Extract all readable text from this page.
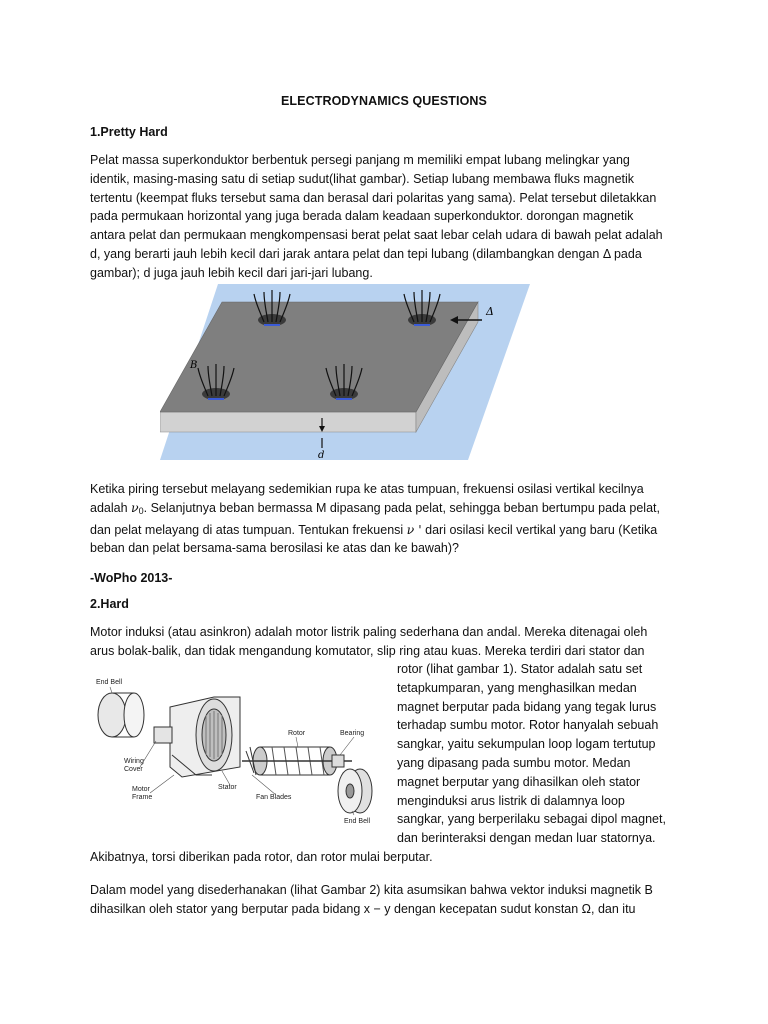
ELECTRODYNAMICS QUESTIONS
1.Pretty Hard

Pelat massa superkonduktor berbentuk persegi panjang m memiliki empat lubang melingkar yang

identik, masing-masing satu di setiap sudut(lihat gambar). Setiap lubang membawa fluks magnetik

tertentu (keempat fluks tersebut sama dan berasal dari polaritas yang sama). Pelat tersebut diletakkan

pada permukaan horizontal yang juga berada dalam keadaan superkonduktor. dorongan magnetik

antara pelat dan permukaan mengkompensasi berat pelat saat lebar celah udara di bawah pelat adalah

d, yang berarti jauh lebih kecil dari jarak antara pelat dan tepi lubang (dilambangkan dengan Δ pada

gambar); d juga jauh lebih kecil dari jari-jari lubang.

Δ
B
d

Ketika piring tersebut melayang sedemikian rupa ke atas tumpuan, frekuensi osilasi vertikal kecilnya

adalah $\nu_0$. Selanjutnya beban bermassa M dipasang pada pelat, sehingga beban bertumpu pada pelat,

dan pelat melayang di atas tumpuan. Tentukan frekuensi ν ' dari osilasi kecil vertikal yang baru (Ketika

beban dan pelat bersama-sama berosilasi ke atas dan ke bawah)?

-WoPho 2013-
2.Hard

Motor induksi (atau asinkron) adalah motor listrik paling sederhana dan andal. Mereka ditenagai oleh

arus bolak-balik, dan tidak mengandung komutator, slip ring atau kuas. Mereka terdiri dari stator dan

End Bell
Rotor	Bearing
Wiring
Cover
Motor
Frame
Stator
Fan Blades
End Bell

rotor (lihat gambar 1). Stator adalah satu set

tetapkumparan, yang menghasilkan medan

magnet berputar pada bidang yang tegak lurus

terhadap sumbu motor. Rotor hanyalah sebuah

sangkar, yaitu sekumpulan loop logam tertutup

yang dipasang pada sumbu motor. Medan

magnet berputar yang dihasilkan oleh stator

menginduksi arus listrik di dalamnya loop

sangkar, yang berperilaku sebagai dipol magnet,

dan berinteraksi dengan medan luar statornya.

Akibatnya, torsi diberikan pada rotor, dan rotor mulai berputar.

Dalam model yang disederhanakan (lihat Gambar 2) kita asumsikan bahwa vektor induksi magnetik B

dihasilkan oleh stator yang berputar pada bidang x − y dengan kecepatan sudut konstan Ω, dan itu
